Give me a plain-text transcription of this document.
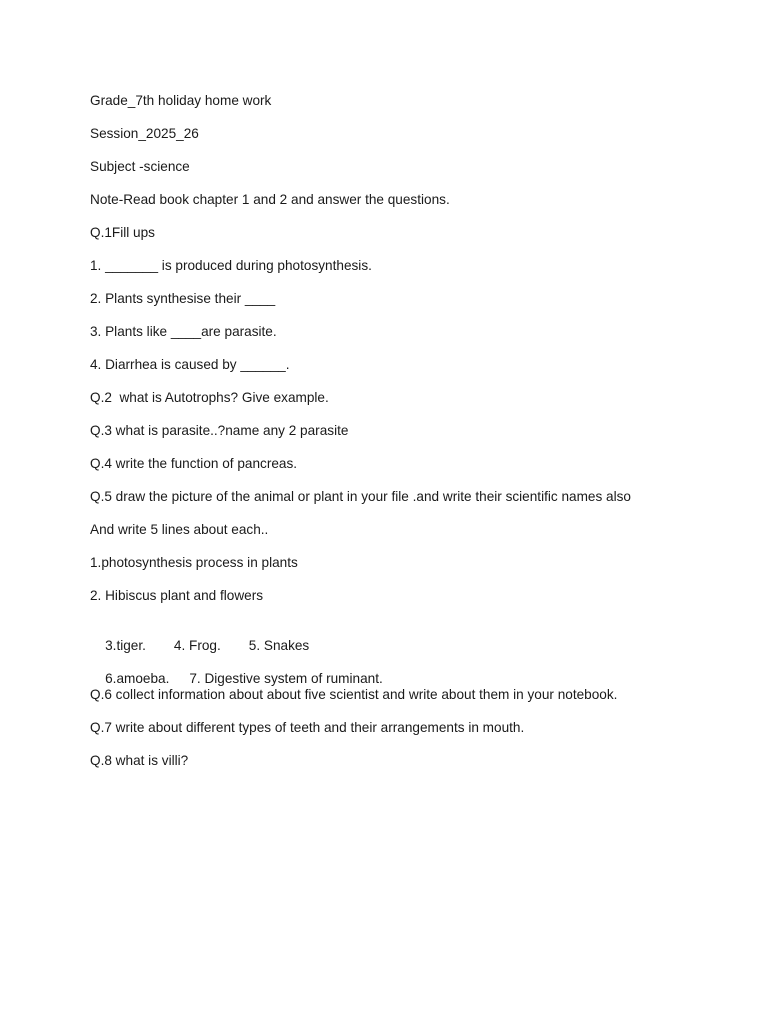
Grade_7th holiday home work
Session_2025_26
Subject -science
Note-Read book chapter 1 and 2 and answer the questions.
Q.1Fill ups
1. _______ is produced during photosynthesis.
2. Plants synthesise their ____
3. Plants like ____are parasite.
4. Diarrhea is caused by ______.
Q.2  what is Autotrophs? Give example.
Q.3 what is parasite..?name any 2 parasite
Q.4 write the function of pancreas.
Q.5 draw the picture of the animal or plant in your file .and write their scientific names also
And write 5 lines about each..
1.photosynthesis process in plants
2. Hibiscus plant and flowers

3.tiger. 4. Frog. 5. Snakes

6.amoeba. 7. Digestive system of ruminant.

Q.6 collect information about about five scientist and write about them in your notebook.
Q.7 write about different types of teeth and their arrangements in mouth.
Q.8 what is villi?
